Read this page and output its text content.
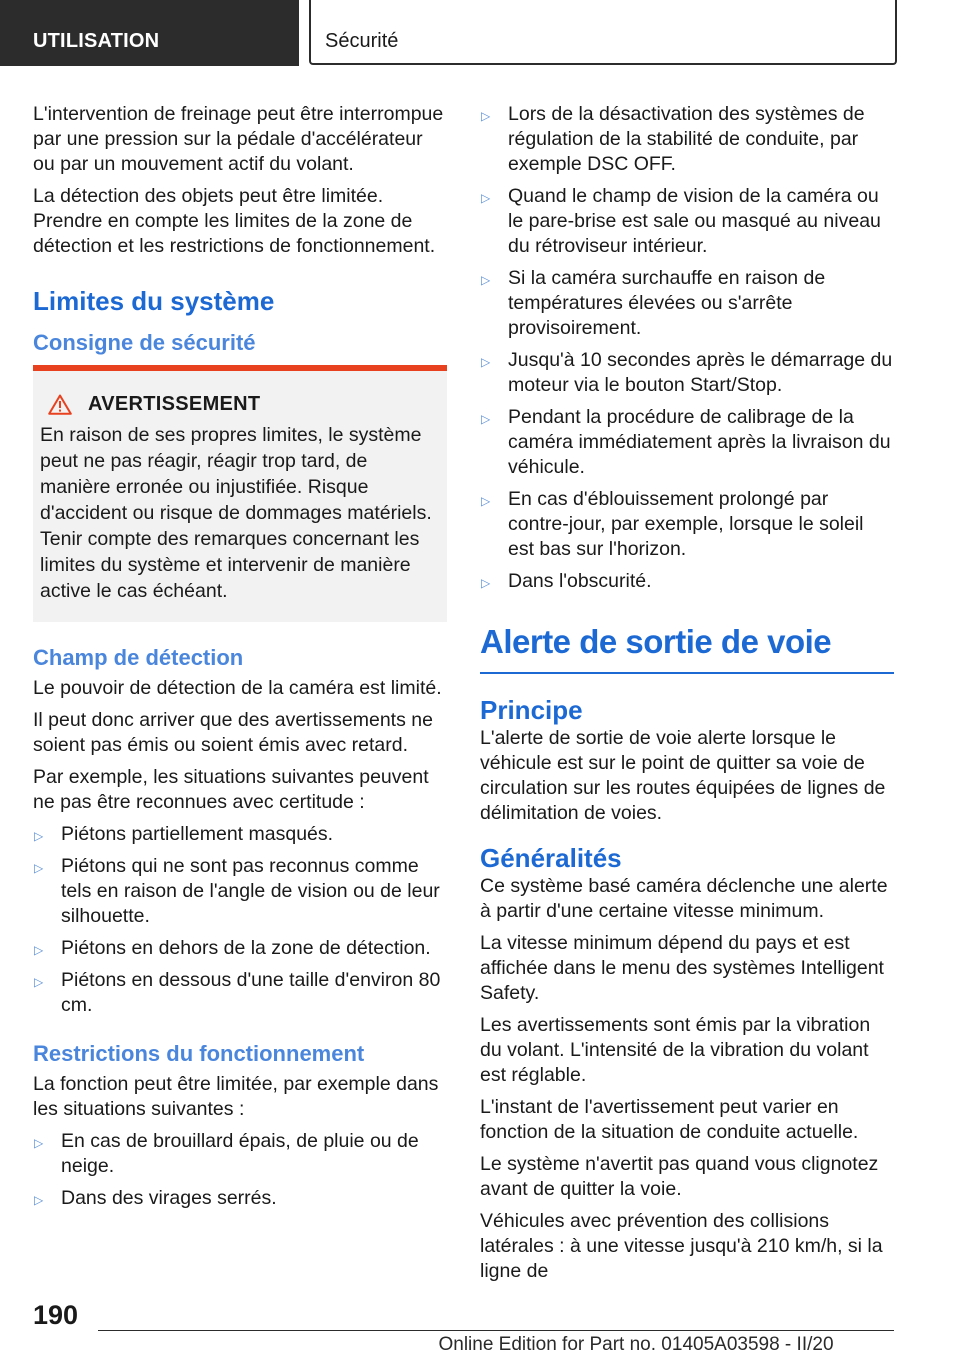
UTILISATION	Sécurité

L'intervention de freinage peut être interrompue par une pression sur la pédale d'accélérateur ou par un mouvement actif du volant.

La détection des objets peut être limitée. Prendre en compte les limites de la zone de détection et les restrictions de fonctionnement.

Limites du système
Consigne de sécurité
AVERTISSEMENT

En raison de ses propres limites, le système peut ne pas réagir, réagir trop tard, de manière erronée ou injustifiée. Risque d'accident ou risque de dommages matériels. Tenir compte des remarques concernant les limites du système et intervenir de manière active le cas échéant.

Champ de détection

Le pouvoir de détection de la caméra est limité.

Il peut donc arriver que des avertissements ne soient pas émis ou soient émis avec retard.

Par exemple, les situations suivantes peuvent ne pas être reconnues avec certitude :

▷ Piétons partiellement masqués.
▷ Piétons qui ne sont pas reconnus comme tels en raison de l'angle de vision ou de leur silhouette.
▷ Piétons en dehors de la zone de détection.
▷ Piétons en dessous d'une taille d'environ 80 cm.
Restrictions du fonctionnement

La fonction peut être limitée, par exemple dans les situations suivantes :

▷ En cas de brouillard épais, de pluie ou de neige.
▷ Dans des virages serrés.
▷ Lors de la désactivation des systèmes de régulation de la stabilité de conduite, par exemple DSC OFF.
▷ Quand le champ de vision de la caméra ou le pare-brise est sale ou masqué au niveau du rétroviseur intérieur.
▷ Si la caméra surchauffe en raison de températures élevées ou s'arrête provisoirement.
▷ Jusqu'à 10 secondes après le démarrage du moteur via le bouton Start/Stop.
▷ Pendant la procédure de calibrage de la caméra immédiatement après la livraison du véhicule.
▷ En cas d'éblouissement prolongé par contre-jour, par exemple, lorsque le soleil est bas sur l'horizon.
▷ Dans l'obscurité.
Alerte de sortie de voie
Principe

L'alerte de sortie de voie alerte lorsque le véhicule est sur le point de quitter sa voie de circulation sur les routes équipées de lignes de délimitation de voies.

Généralités

Ce système basé caméra déclenche une alerte à partir d'une certaine vitesse minimum.

La vitesse minimum dépend du pays et est affichée dans le menu des systèmes Intelligent Safety.

Les avertissements sont émis par la vibration du volant. L'intensité de la vibration du volant est réglable.

L'instant de l'avertissement peut varier en fonction de la situation de conduite actuelle.

Le système n'avertit pas quand vous clignotez avant de quitter la voie.

Véhicules avec prévention des collisions latérales : à une vitesse jusqu'à 210 km/h, si la ligne de

190
Online Edition for Part no. 01405A03598 - II/20
